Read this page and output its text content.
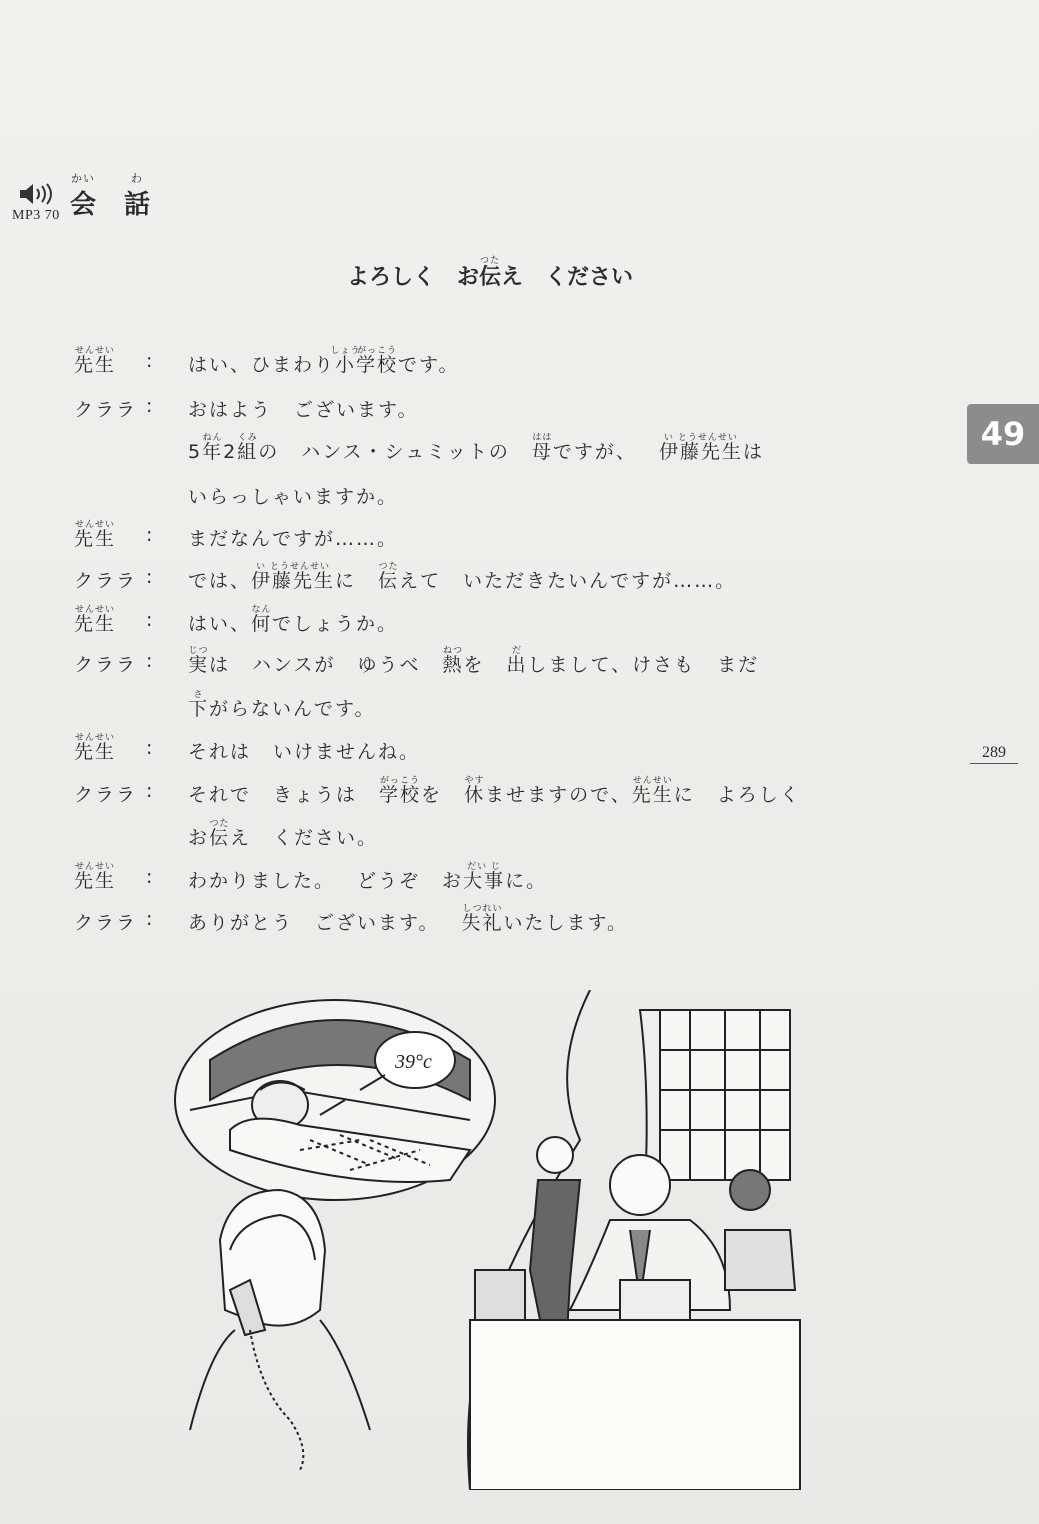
MP3 70
かい
会
わ
話
よろしく お
つた
伝え ください
49
289
せんせい
先生	: はい、ひまわり
しょう
小
がっこう
学校です。
クララ : おはよう ございます。
5
ねん
年2
くみ
組の ハンス・シュミットの
はは
母ですが、
い とうせんせい
伊藤先生は
いらっしゃいますか。
せんせい
先生	: まだなんですが……。
クララ : では、
い とうせんせい
伊藤先生に
つた
伝えて いただきたいんですが……。
せんせい
先生	: はい、
なん
何でしょうか。
クララ :	じつ
実は ハンスが ゆうべ
ねつ
熱を
だ
出しまして、けさも まだ
さ
下がらないんです。
せんせい
先生	: それは いけませんね。
クララ : それで きょうは
がっこう
学校を
やす
休ませますので、
せんせい
先生に よろしく
お
つた
伝え ください。
せんせい
先生	: わかりました。 どうぞ お
だい じ
大事に。
クララ : ありがとう ございます。
しつれい
失礼いたします。
39°c
